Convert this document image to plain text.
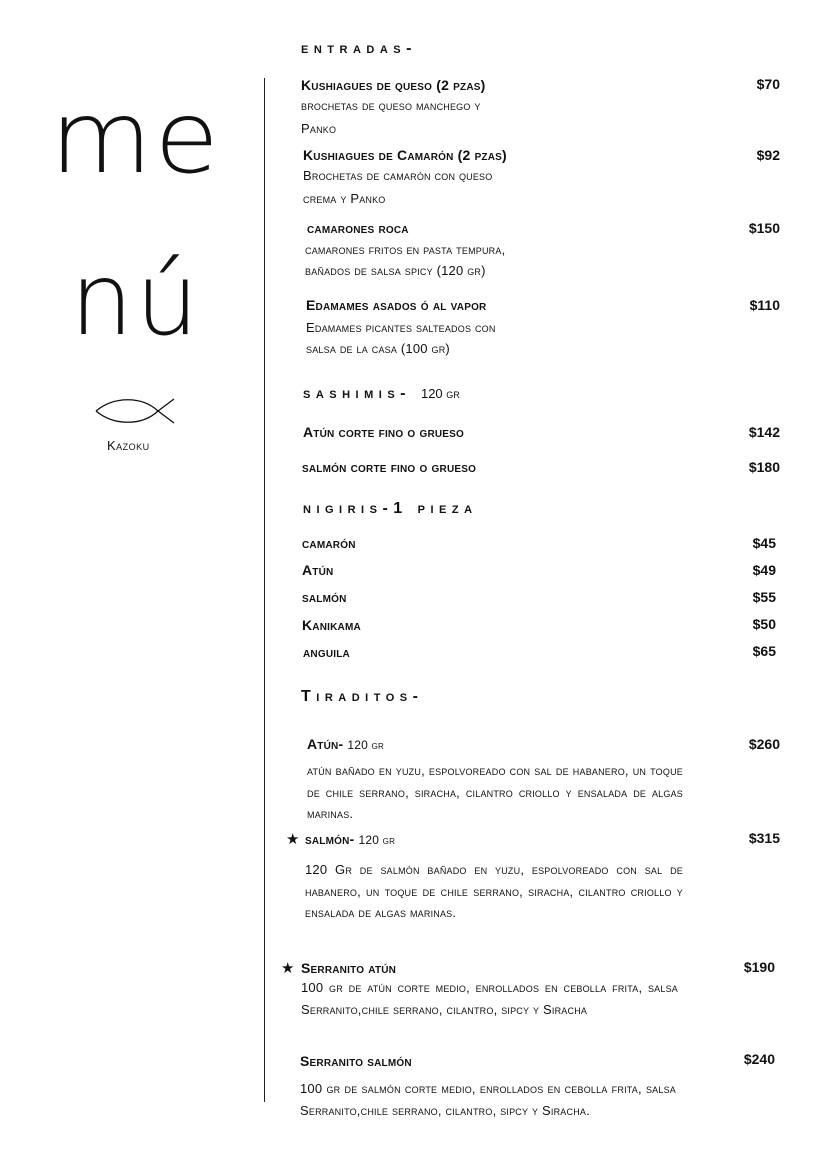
me
nú
Kazoku
entradas-
Kushiagues de queso (2 pzas)	$70
brochetas de queso manchego y
Panko
Kushiagues de Camarón (2 pzas)	$92
Brochetas de camarón con queso
crema y Panko
camarones roca	$150
camarones fritos en pasta tempura,
bañados de salsa spicy (120 gr)
Edamames asados ó al vapor	$110
Edamames picantes salteados con
salsa de la casa (100 gr)
sashimis- 120 gr
Atún corte fino o grueso	$142
salmón corte fino o grueso	$180
nigiris-1 pieza
camarón	$45
Atún	$49
salmón	$55
Kanikama	$50
anguila	$65
Tiraditos-
Atún- 120 gr	$260
atún bañado en yuzu, espolvoreado con sal de habanero, un toque de chile serrano, siracha, cilantro criollo y ensalada de algas marinas.
★ salmón- 120 gr	$315
120 Gr de salmón bañado en yuzu, espolvoreado con sal de habanero, un toque de chile serrano, siracha, cilantro criollo y ensalada de algas marinas.
★ Serranito atún	$190
100 gr de atún corte medio, enrollados en cebolla frita, salsa Serranito,chile serrano, cilantro, sipcy y Siracha
Serranito salmón	$240
100 gr de salmón corte medio, enrollados en cebolla frita, salsa Serranito,chile serrano, cilantro, sipcy y Siracha.
